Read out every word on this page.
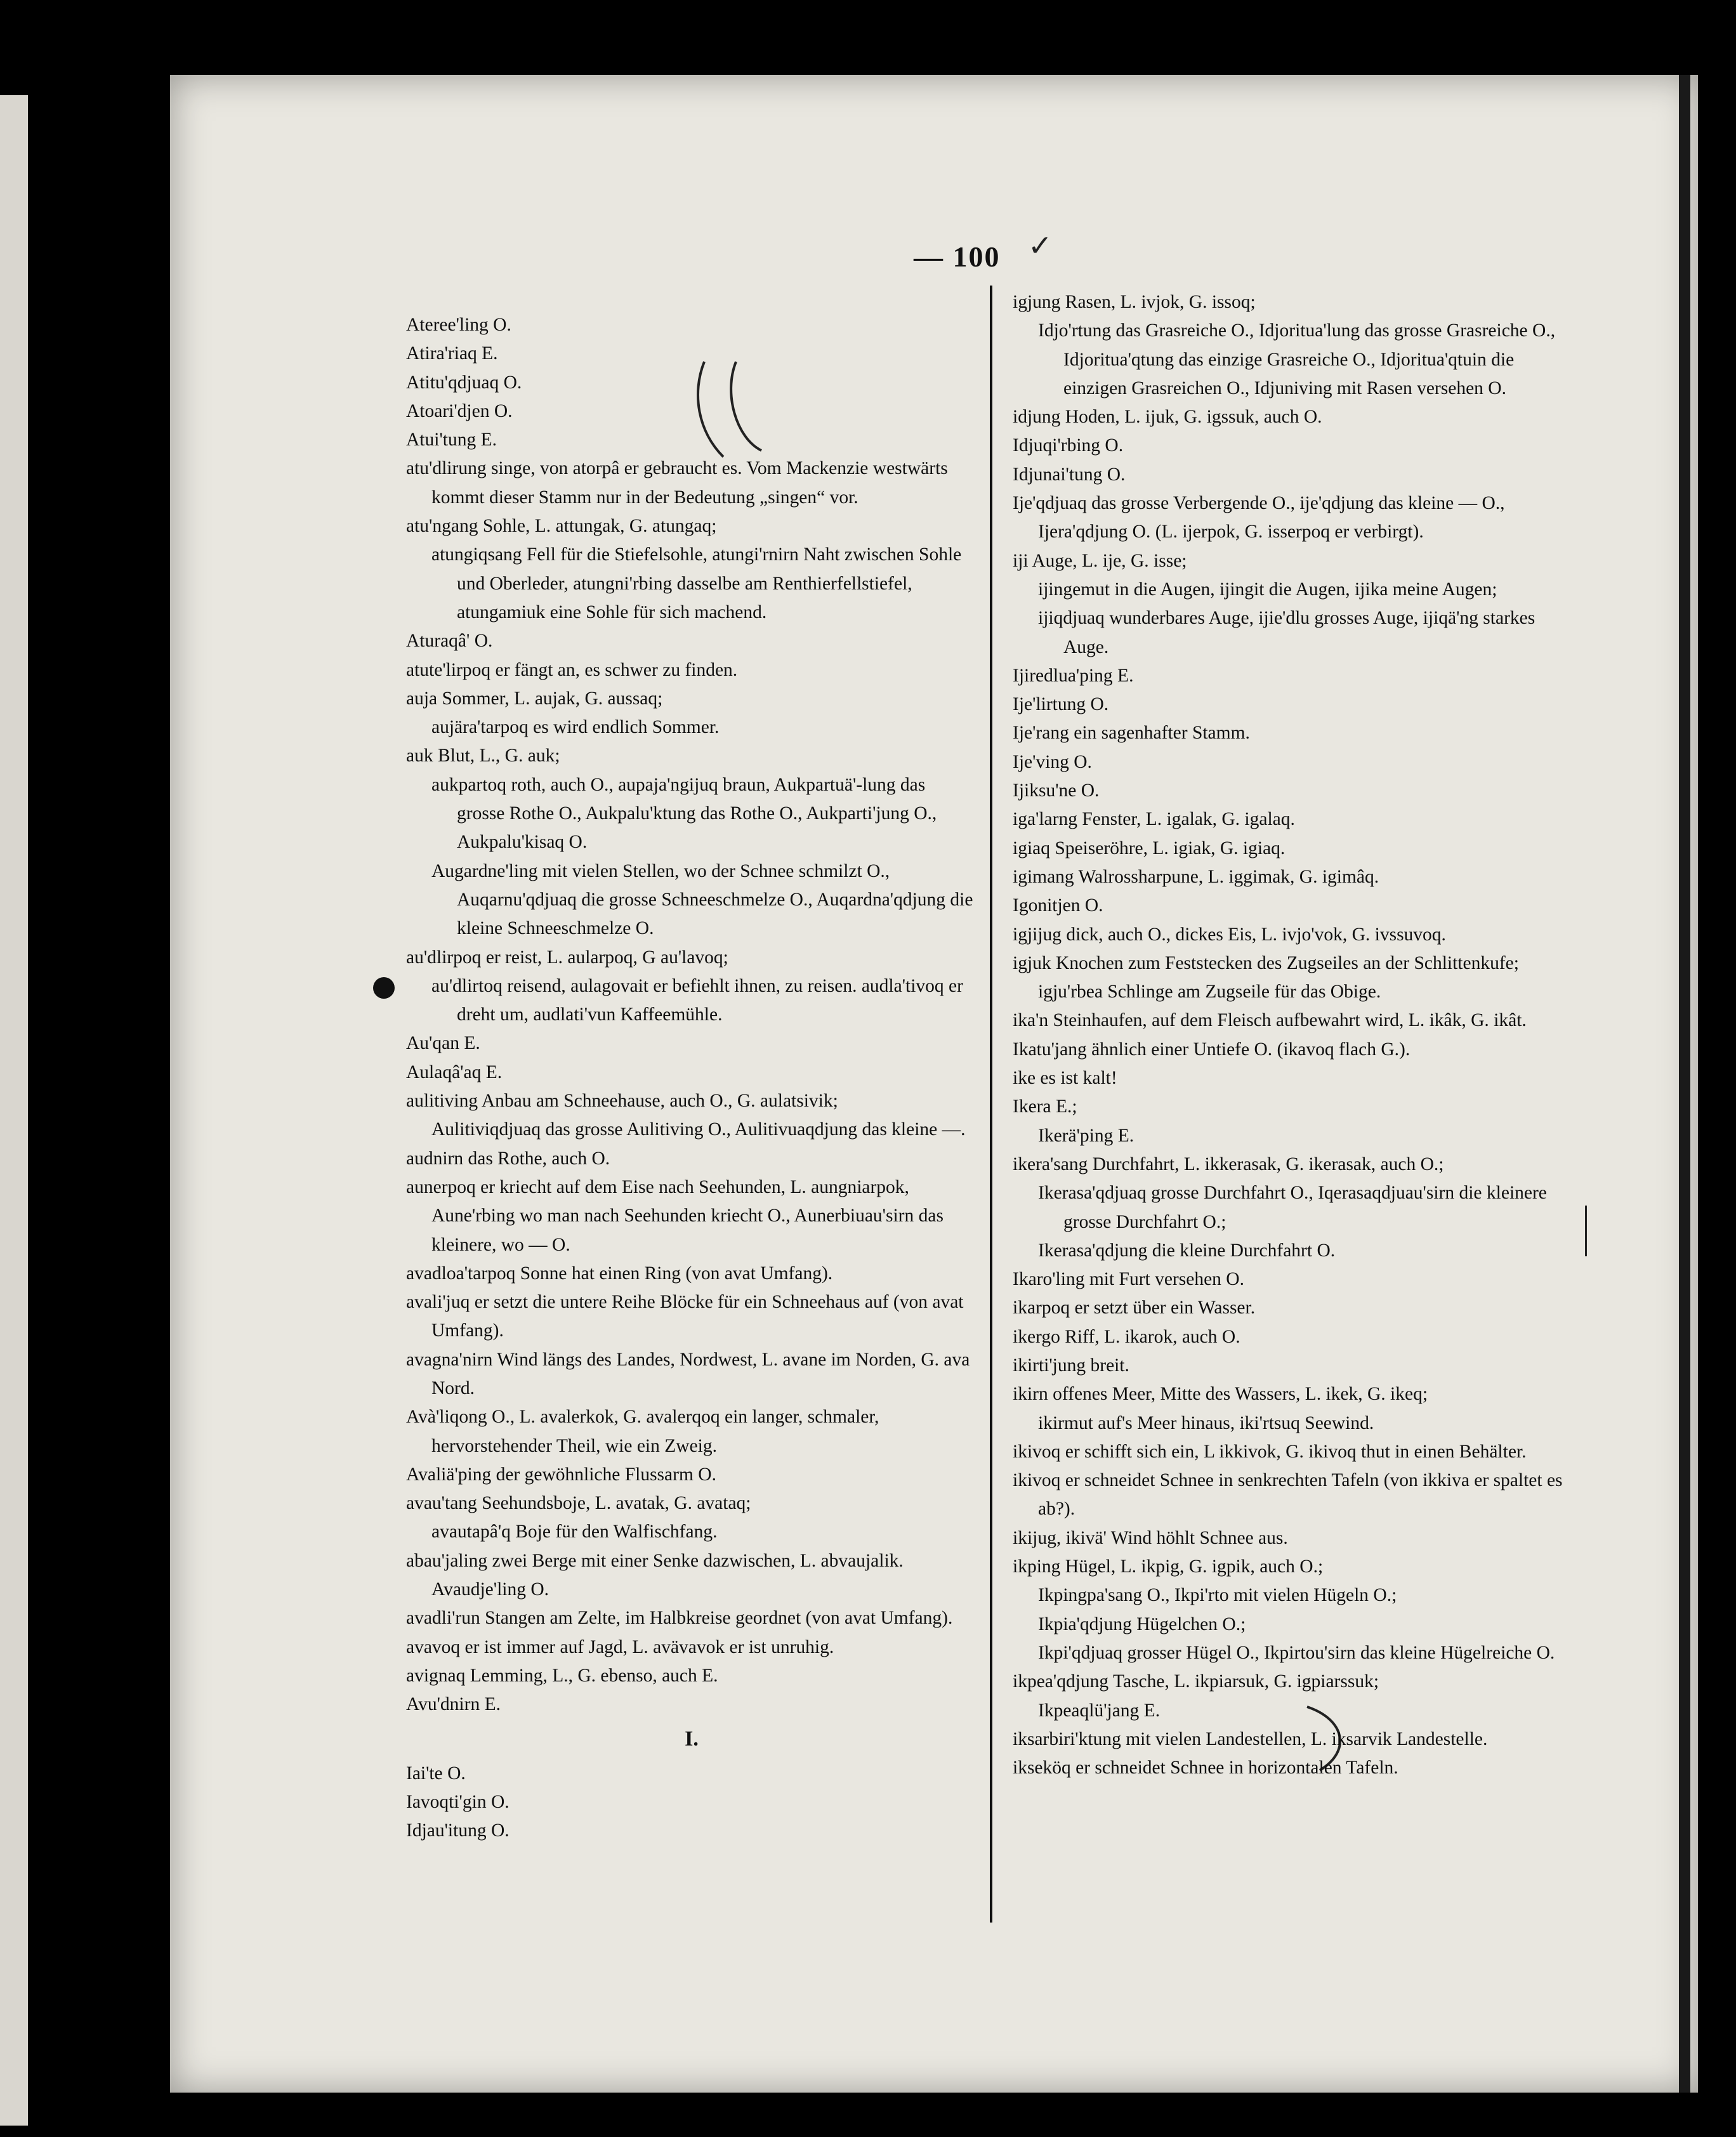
— 100 ✓

Ateree'ling O.

Atira'riaq E.

Atitu'qdjuaq O.

Atoari'djen O.

Atui'tung E.

atu'dlirung singe, von atorpâ er gebraucht es. Vom Mackenzie westwärts kommt dieser Stamm nur in der Bedeutung „singen“ vor.

atu'ngang Sohle, L. attungak, G. atungaq;

atungiqsang Fell für die Stiefelsohle, atungi'rnirn Naht zwischen Sohle und Oberleder, atungni'rbing dasselbe am Renthierfellstiefel, atungamiuk eine Sohle für sich machend.

Aturaqâ' O.

atute'lirpoq er fängt an, es schwer zu finden.

auja Sommer, L. aujak, G. aussaq;

aujära'tarpoq es wird endlich Sommer.

auk Blut, L., G. auk;

aukpartoq roth, auch O., aupaja'ngijuq braun, Aukpartuä'-lung das grosse Rothe O., Aukpalu'ktung das Rothe O., Aukparti'jung O., Aukpalu'kisaq O.

Augardne'ling mit vielen Stellen, wo der Schnee schmilzt O., Auqarnu'qdjuaq die grosse Schneeschmelze O., Auqardna'qdjung die kleine Schneeschmelze O.

au'dlirpoq er reist, L. aularpoq, G au'lavoq;

au'dlirtoq reisend, aulagovait er befiehlt ihnen, zu reisen. audla'tivoq er dreht um, audlati'vun Kaffeemühle.

Au'qan E.

Aulaqâ'aq E.

aulitiving Anbau am Schneehause, auch O., G. aulatsivik;

Aulitiviqdjuaq das grosse Aulitiving O., Aulitivuaqdjung das kleine —.

audnirn das Rothe, auch O.

aunerpoq er kriecht auf dem Eise nach Seehunden, L. aungniarpok, Aune'rbing wo man nach Seehunden kriecht O., Aunerbiuau'sirn das kleinere, wo — O.

avadloa'tarpoq Sonne hat einen Ring (von avat Umfang).

avali'juq er setzt die untere Reihe Blöcke für ein Schneehaus auf (von avat Umfang).

avagna'nirn Wind längs des Landes, Nordwest, L. avane im Norden, G. ava Nord.

Avà'liqong O., L. avalerkok, G. avalerqoq ein langer, schmaler, hervorstehender Theil, wie ein Zweig.

Avaliä'ping der gewöhnliche Flussarm O.

avau'tang Seehundsboje, L. avatak, G. avataq;

avautapâ'q Boje für den Walfischfang.

abau'jaling zwei Berge mit einer Senke dazwischen, L. abvaujalik.

Avaudje'ling O.

avadli'run Stangen am Zelte, im Halbkreise geordnet (von avat Umfang).

avavoq er ist immer auf Jagd, L. avävavok er ist unruhig.

avignaq Lemming, L., G. ebenso, auch E.

Avu'dnirn E.

I.

Iai'te O.

Iavoqti'gin O.

Idjau'itung O.

igjung Rasen, L. ivjok, G. issoq;

Idjo'rtung das Grasreiche O., Idjoritua'lung das grosse Grasreiche O., Idjoritua'qtung das einzige Grasreiche O., Idjoritua'qtuin die einzigen Grasreichen O., Idjuniving mit Rasen versehen O.

idjung Hoden, L. ijuk, G. igssuk, auch O.

Idjuqi'rbing O.

Idjunai'tung O.

Ije'qdjuaq das grosse Verbergende O., ije'qdjung das kleine — O., Ijera'qdjung O. (L. ijerpok, G. isserpoq er verbirgt).

iji Auge, L. ije, G. isse;

ijingemut in die Augen, ijingit die Augen, ijika meine Augen;

ijiqdjuaq wunderbares Auge, ijie'dlu grosses Auge, ijiqä'ng starkes Auge.

Ijiredlua'ping E.

Ije'lirtung O.

Ije'rang ein sagenhafter Stamm.

Ije'ving O.

Ijiksu'ne O.

iga'larng Fenster, L. igalak, G. igalaq.

igiaq Speiseröhre, L. igiak, G. igiaq.

igimang Walrossharpune, L. iggimak, G. igimâq.

Igonitjen O.

igjijug dick, auch O., dickes Eis, L. ivjo'vok, G. ivssuvoq.

igjuk Knochen zum Feststecken des Zugseiles an der Schlittenkufe;

igju'rbea Schlinge am Zugseile für das Obige.

ika'n Steinhaufen, auf dem Fleisch aufbewahrt wird, L. ikâk, G. ikât.

Ikatu'jang ähnlich einer Untiefe O. (ikavoq flach G.).

ike es ist kalt!

Ikera E.;

Ikerä'ping E.

ikera'sang Durchfahrt, L. ikkerasak, G. ikerasak, auch O.;

Ikerasa'qdjuaq grosse Durchfahrt O., Iqerasaqdjuau'sirn die kleinere grosse Durchfahrt O.;

Ikerasa'qdjung die kleine Durchfahrt O.

Ikaro'ling mit Furt versehen O.

ikarpoq er setzt über ein Wasser.

ikergo Riff, L. ikarok, auch O.

ikirti'jung breit.

ikirn offenes Meer, Mitte des Wassers, L. ikek, G. ikeq;

ikirmut auf's Meer hinaus, iki'rtsuq Seewind.

ikivoq er schifft sich ein, L ikkivok, G. ikivoq thut in einen Behälter.

ikivoq er schneidet Schnee in senkrechten Tafeln (von ikkiva er spaltet es ab?).

ikijug, ikivä' Wind höhlt Schnee aus.

ikping Hügel, L. ikpig, G. igpik, auch O.;

Ikpingpa'sang O., Ikpi'rto mit vielen Hügeln O.;

Ikpia'qdjung Hügelchen O.;

Ikpi'qdjuaq grosser Hügel O., Ikpirtou'sirn das kleine Hügelreiche O.

ikpea'qdjung Tasche, L. ikpiarsuk, G. igpiarssuk;

Ikpeaqlü'jang E.

iksarbiri'ktung mit vielen Landestellen, L. iksarvik Landestelle.

ikseköq er schneidet Schnee in horizontalen Tafeln.
